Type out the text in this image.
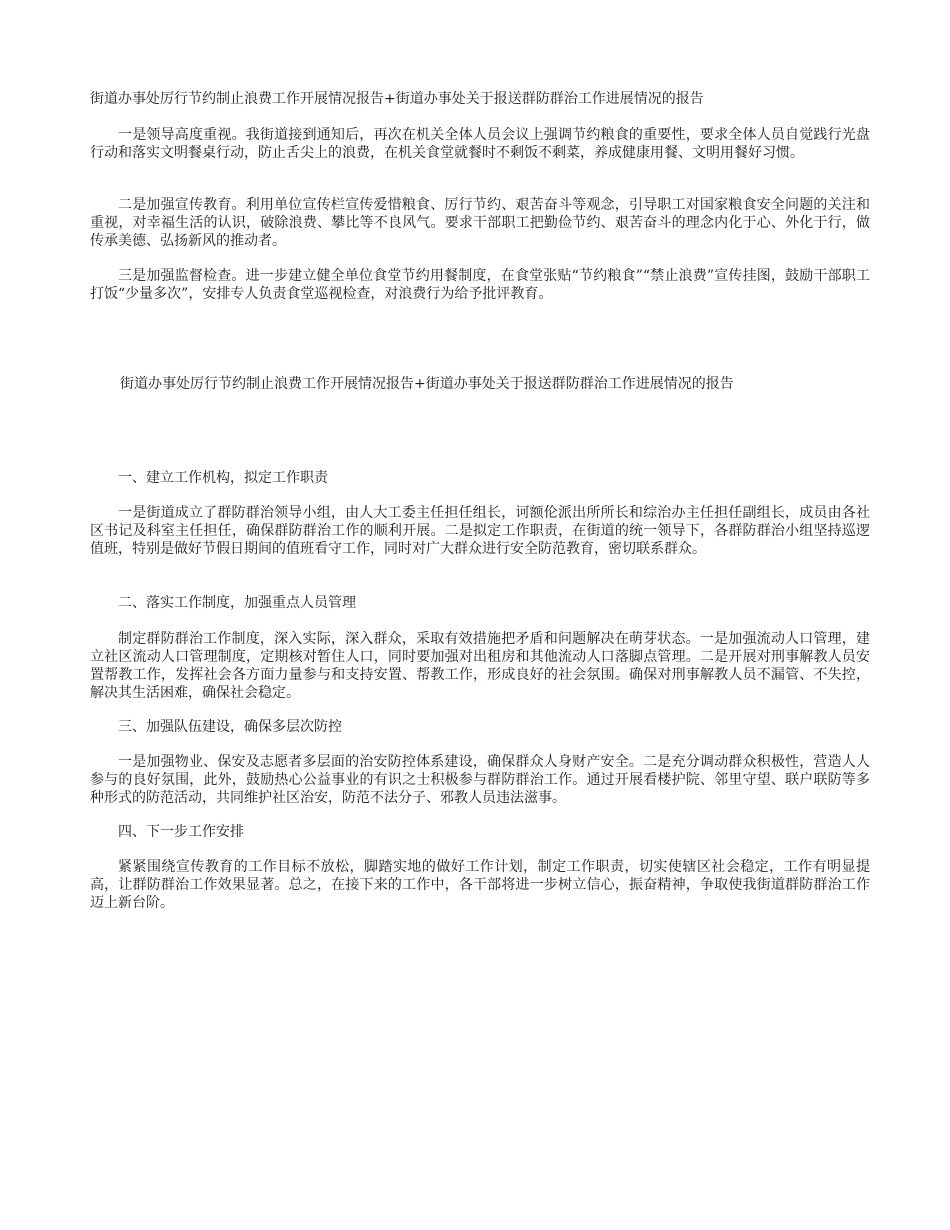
街道办事处厉行节约制止浪费工作开展情况报告+街道办事处关于报送群防群治工作进展情况的报告

一是领导高度重视。我街道接到通知后，再次在机关全体人员会议上强调节约粮食的重要性，要求全体人员自觉践行光盘行动和落实文明餐桌行动，防止舌尖上的浪费，在机关食堂就餐时不剩饭不剩菜，养成健康用餐、文明用餐好习惯。

二是加强宣传教育。利用单位宣传栏宣传爱惜粮食、厉行节约、艰苦奋斗等观念，引导职工对国家粮食安全问题的关注和重视，对幸福生活的认识，破除浪费、攀比等不良风气。要求干部职工把勤俭节约、艰苦奋斗的理念内化于心、外化于行，做传承美德、弘扬新风的推动者。

三是加强监督检查。进一步建立健全单位食堂节约用餐制度，在食堂张贴“节约粮食”“禁止浪费”宣传挂图，鼓励干部职工打饭“少量多次”，安排专人负责食堂巡视检查，对浪费行为给予批评教育。

街道办事处厉行节约制止浪费工作开展情况报告+街道办事处关于报送群防群治工作进展情况的报告
一、建立工作机构，拟定工作职责

一是街道成立了群防群治领导小组，由人大工委主任担任组长，诃额伦派出所所长和综治办主任担任副组长，成员由各社区书记及科室主任担任，确保群防群治工作的顺利开展。二是拟定工作职责，在街道的统一领导下，各群防群治小组坚持巡逻值班，特别是做好节假日期间的值班看守工作，同时对广大群众进行安全防范教育，密切联系群众。

二、落实工作制度，加强重点人员管理

制定群防群治工作制度，深入实际，深入群众，采取有效措施把矛盾和问题解决在萌芽状态。一是加强流动人口管理，建立社区流动人口管理制度，定期核对暂住人口，同时要加强对出租房和其他流动人口落脚点管理。二是开展对刑事解教人员安置帮教工作，发挥社会各方面力量参与和支持安置、帮教工作，形成良好的社会氛围。确保对刑事解教人员不漏管、不失控，解决其生活困难，确保社会稳定。

三、加强队伍建设，确保多层次防控

一是加强物业、保安及志愿者多层面的治安防控体系建设，确保群众人身财产安全。二是充分调动群众积极性，营造人人参与的良好氛围，此外，鼓励热心公益事业的有识之士积极参与群防群治工作。通过开展看楼护院、邻里守望、联户联防等多种形式的防范活动，共同维护社区治安，防范不法分子、邪教人员违法滋事。

四、下一步工作安排

紧紧围绕宣传教育的工作目标不放松，脚踏实地的做好工作计划，制定工作职责，切实使辖区社会稳定，工作有明显提高，让群防群治工作效果显著。总之，在接下来的工作中，各干部将进一步树立信心，振奋精神，争取使我街道群防群治工作迈上新台阶。
